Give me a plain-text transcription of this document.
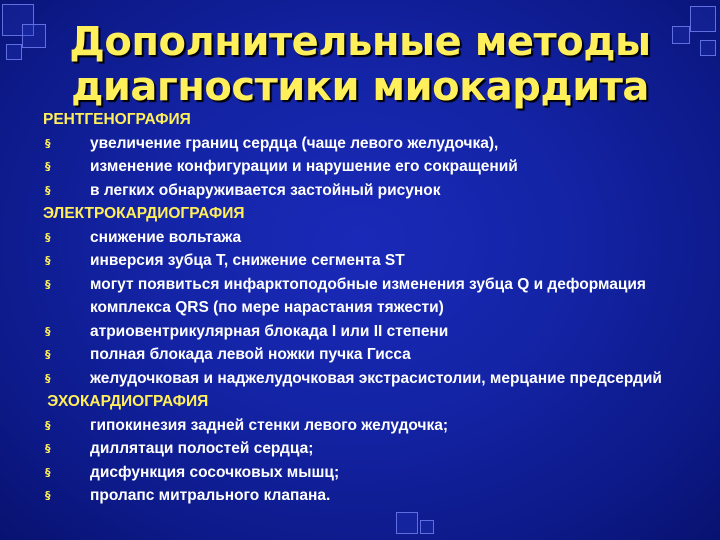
Дополнительные методы
диагностики миокардита
РЕНТГЕНОГРАФИЯ
§	увеличение границ сердца (чаще левого желудочка),
§	изменение конфигурации и нарушение его сокращений
§	в легких обнаруживается застойный рисунок
ЭЛЕКТРОКАРДИОГРАФИЯ
§	снижение вольтажа
§	инверсия зубца Т, снижение сегмента ST
§	могут появиться инфарктоподобные изменения зубца Q и деформация комплекса QRS (по мере нарастания тяжести)
§	атриовентрикулярная блокада I или II степени
§	полная блокада левой ножки пучка Гисса
§	желудочковая и наджелудочковая экстрасистолии, мерцание предсердий
ЭХОКАРДИОГРАФИЯ
§	гипокинезия задней стенки левого желудочка;
§	диллятаци полостей сердца;
§	дисфункция сосочковых мышц;
§	пролапс митрального клапана.
